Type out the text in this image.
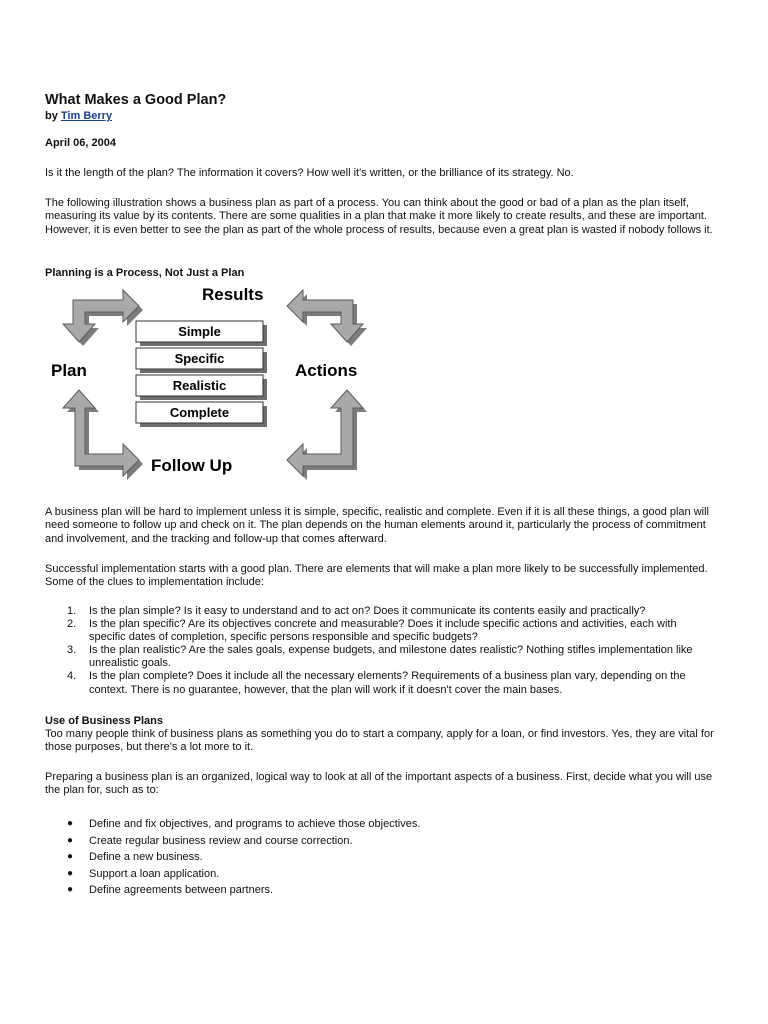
What Makes a Good Plan?
by Tim Berry
April 06, 2004

Is it the length of the plan? The information it covers? How well it's written, or the brilliance of its strategy. No.

The following illustration shows a business plan as part of a process. You can think about the good or bad of a plan as the plan itself, measuring its value by its contents. There are some qualities in a plan that make it more likely to create results, and these are important. However, it is even better to see the plan as part of the whole process of results, because even a great plan is wasted if nobody follows it.

Planning is a Process, Not Just a Plan

Results
Plan	Actions
Follow Up
Simple
Specific
Realistic
Complete

A business plan will be hard to implement unless it is simple, specific, realistic and complete. Even if it is all these things, a good plan will need someone to follow up and check on it. The plan depends on the human elements around it, particularly the process of commitment and involvement, and the tracking and follow-up that comes afterward.

Successful implementation starts with a good plan. There are elements that will make a plan more likely to be successfully implemented. Some of the clues to implementation include:

1. Is the plan simple? Is it easy to understand and to act on? Does it communicate its contents easily and practically?
2. Is the plan specific? Are its objectives concrete and measurable? Does it include specific actions and activities, each with specific dates of completion, specific persons responsible and specific budgets?
3. Is the plan realistic? Are the sales goals, expense budgets, and milestone dates realistic? Nothing stifles implementation like unrealistic goals.
4. Is the plan complete? Does it include all the necessary elements? Requirements of a business plan vary, depending on the context. There is no guarantee, however, that the plan will work if it doesn't cover the main bases.

Use of Business Plans

Too many people think of business plans as something you do to start a company, apply for a loan, or find investors. Yes, they are vital for those purposes, but there's a lot more to it.

Preparing a business plan is an organized, logical way to look at all of the important aspects of a business. First, decide what you will use the plan for, such as to:

● Define and fix objectives, and programs to achieve those objectives.
● Create regular business review and course correction.
● Define a new business.
● Support a loan application.
● Define agreements between partners.
